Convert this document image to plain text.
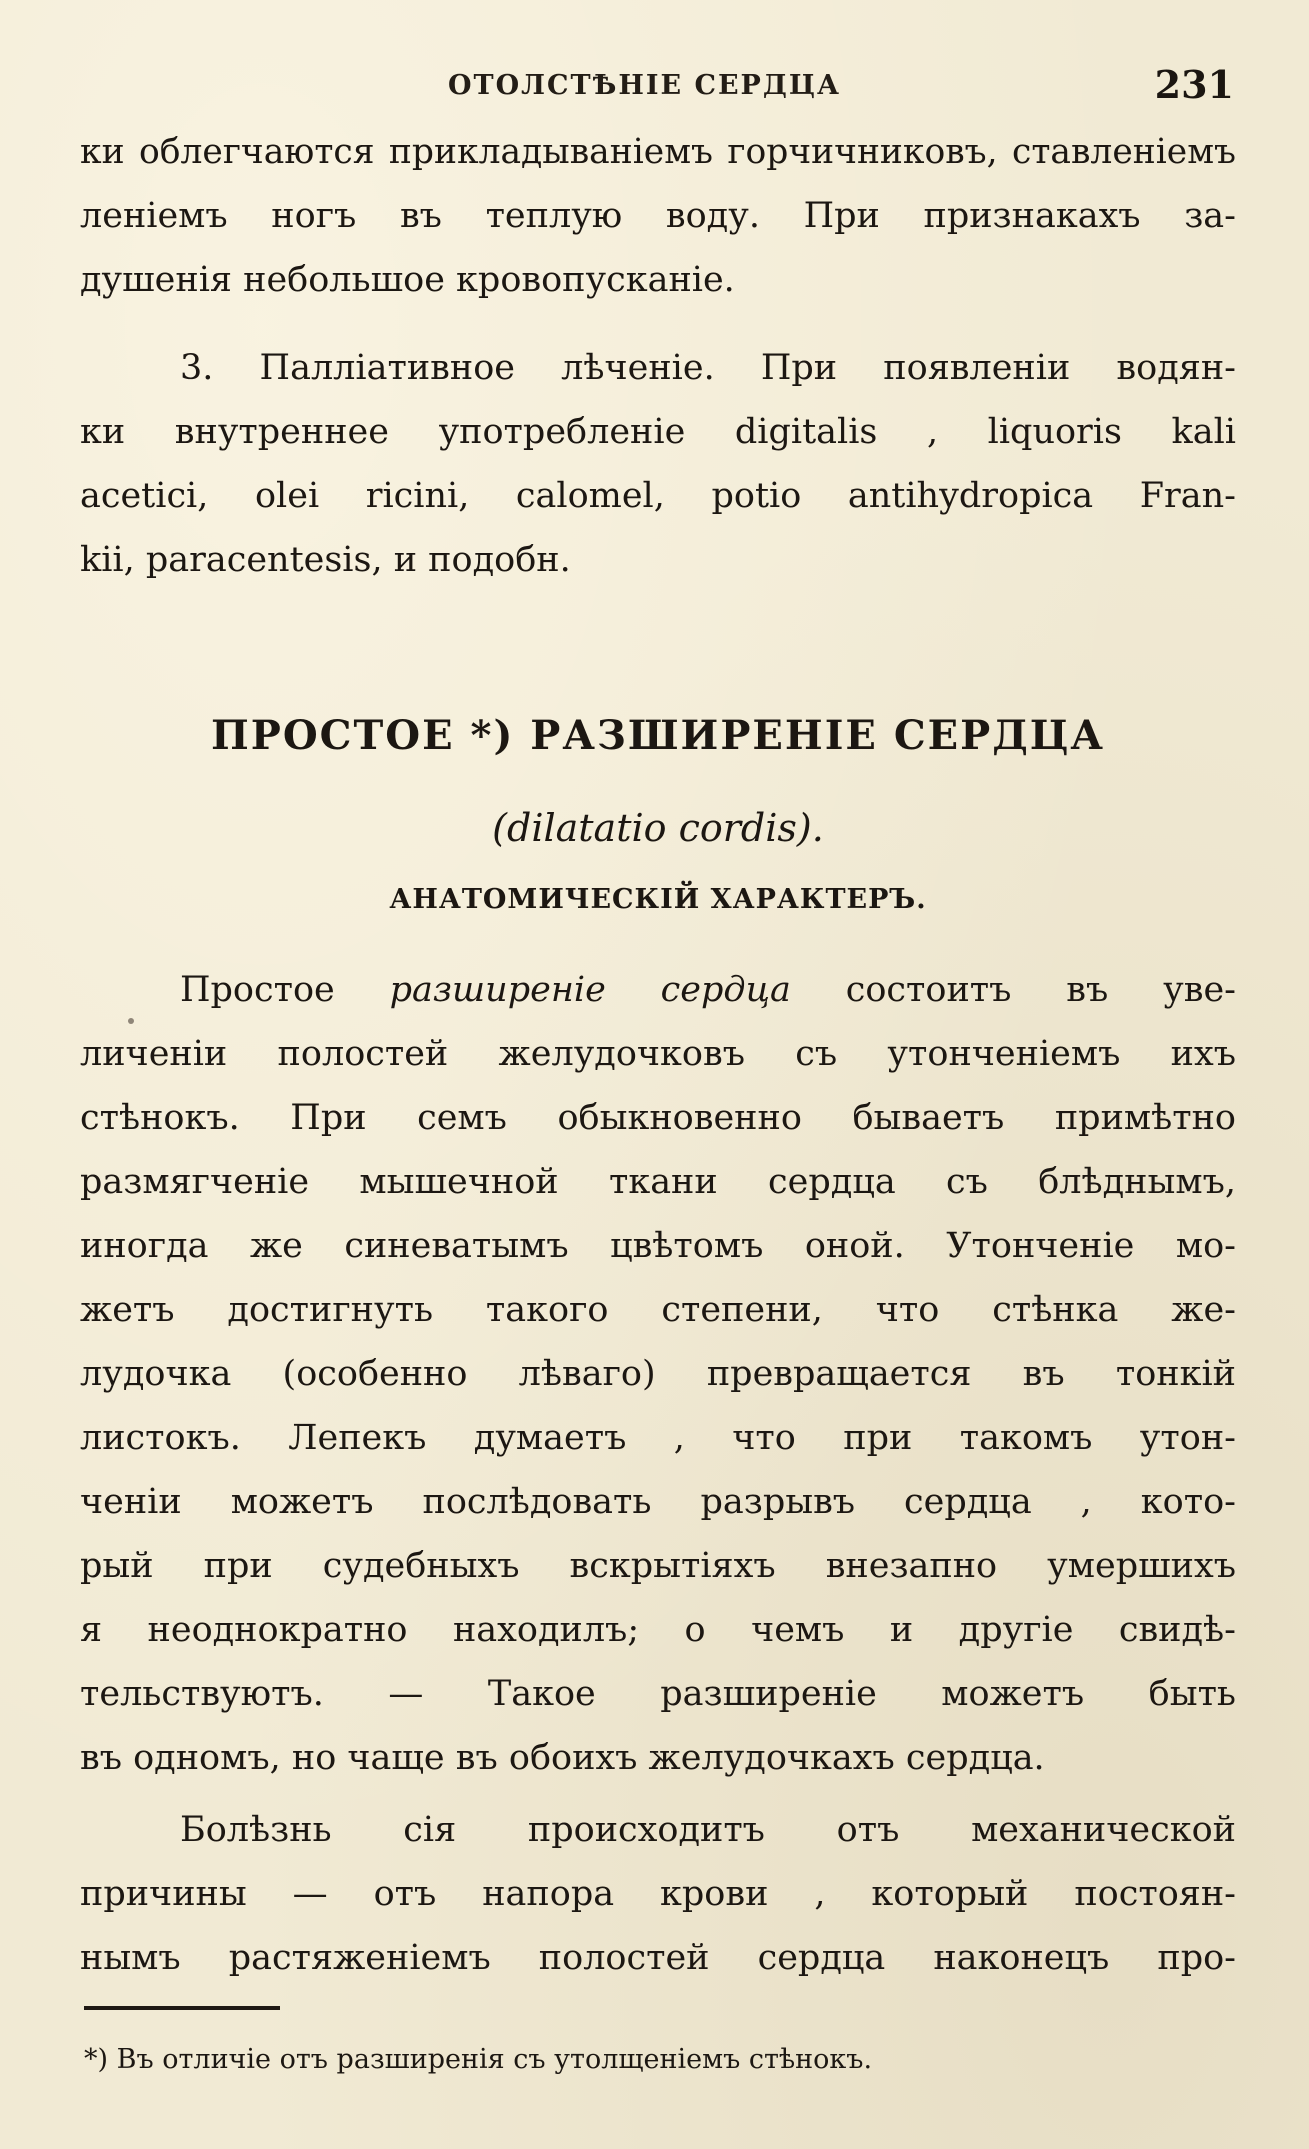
ОТОЛСТѢНІЕ СЕРДЦА	231
ки облегчаются прикладываніемъ горчичниковъ, ставленіемъ
леніемъ ногъ въ теплую воду. При признакахъ за-
душенія небольшое кровопусканіе.
3. Палліативное лѣченіе. При появленіи водян-
ки внутреннее употребленіе digitalis , liquoris kali
acetici, olei ricini, calomel, potio antihydropica Fran-
kii, paracentesis, и подобн.
ПРОСТОЕ *) РАЗШИРЕНІЕ СЕРДЦА
(dilatatio cordis).
АНАТОМИЧЕСКІЙ ХАРАКТЕРЪ.
Простое разширеніе сердца состоитъ въ уве-
личеніи полостей желудочковъ съ утонченіемъ ихъ
стѣнокъ. При семъ обыкновенно бываетъ примѣтно
размягченіе мышечной ткани сердца съ блѣднымъ,
иногда же синеватымъ цвѣтомъ оной. Утонченіе мо-
жетъ достигнуть такого степени, что стѣнка же-
лудочка (особенно лѣваго) превращается въ тонкій
листокъ. Лепекъ думаетъ , что при такомъ утон-
ченіи можетъ послѣдовать разрывъ сердца , кото-
рый при судебныхъ вскрытіяхъ внезапно умершихъ
я неоднократно находилъ; о чемъ и другіе свидѣ-
тельствуютъ. — Такое разширеніе можетъ быть
въ одномъ, но чаще въ обоихъ желудочкахъ сердца.
Болѣзнь сія происходитъ отъ механической
причины — отъ напора крови , который постоян-
нымъ растяженіемъ полостей сердца наконецъ про-
*) Въ отличіе отъ разширенія съ утолщеніемъ стѣнокъ.
